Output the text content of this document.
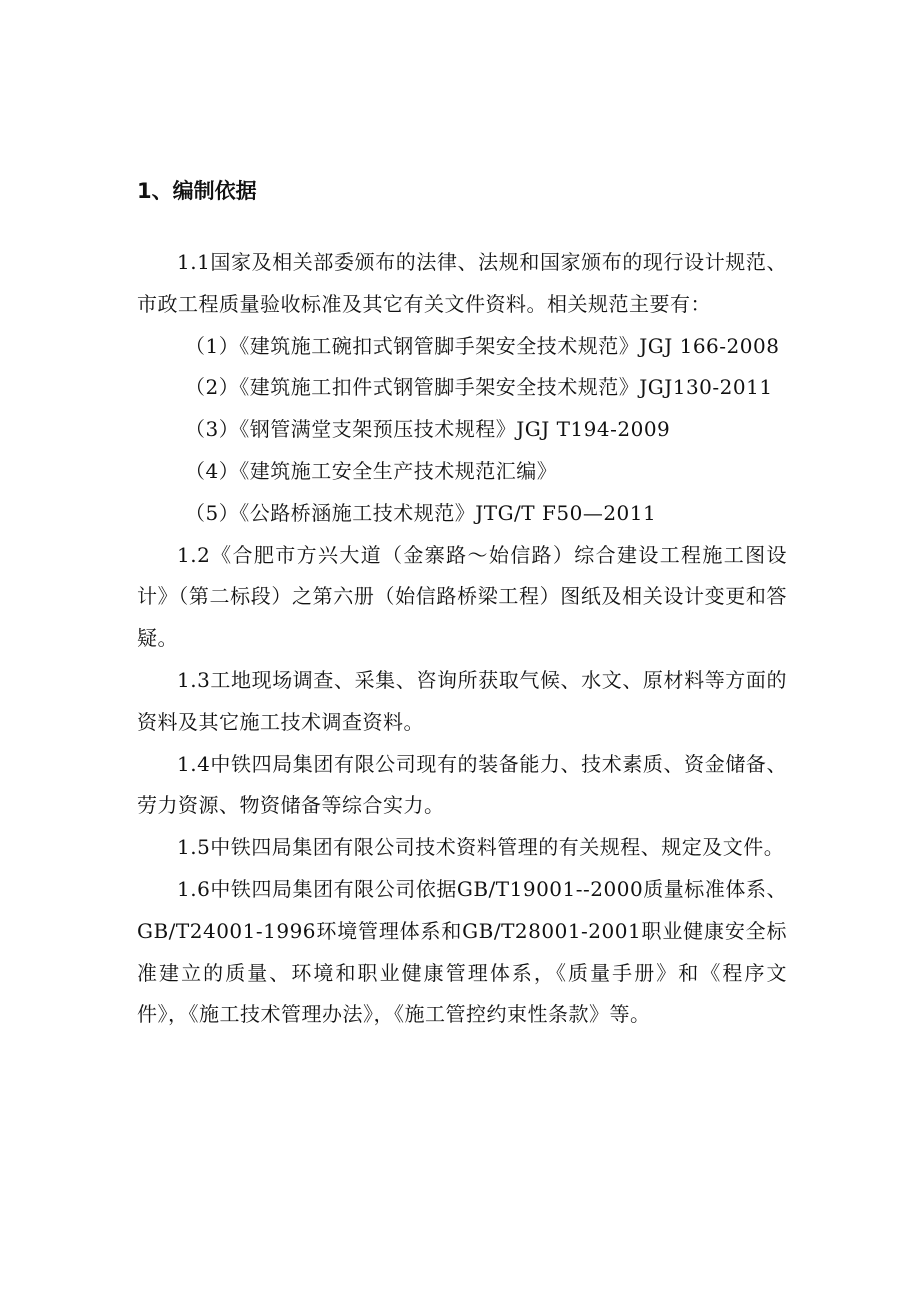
1、编制依据

1.1国家及相关部委颁布的法律、法规和国家颁布的现行设计规范、市政工程质量验收标准及其它有关文件资料。相关规范主要有：

（1）《建筑施工碗扣式钢管脚手架安全技术规范》JGJ 166-2008

（2）《建筑施工扣件式钢管脚手架安全技术规范》JGJ130-2011

（3）《钢管满堂支架预压技术规程》JGJ T194-2009

（4）《建筑施工安全生产技术规范汇编》

（5）《公路桥涵施工技术规范》JTG/T F50—2011

1.2《合肥市方兴大道（金寨路～始信路）综合建设工程施工图设计》（第二标段）之第六册（始信路桥梁工程）图纸及相关设计变更和答疑。

1.3工地现场调查、采集、咨询所获取气候、水文、原材料等方面的资料及其它施工技术调查资料。

1.4中铁四局集团有限公司现有的装备能力、技术素质、资金储备、劳力资源、物资储备等综合实力。

1.5中铁四局集团有限公司技术资料管理的有关规程、规定及文件。

1.6中铁四局集团有限公司依据GB/T19001--2000质量标准体系、GB/T24001-1996环境管理体系和GB/T28001-2001职业健康安全标准建立的质量、环境和职业健康管理体系，《质量手册》和《程序文件》，《施工技术管理办法》，《施工管控约束性条款》等。
